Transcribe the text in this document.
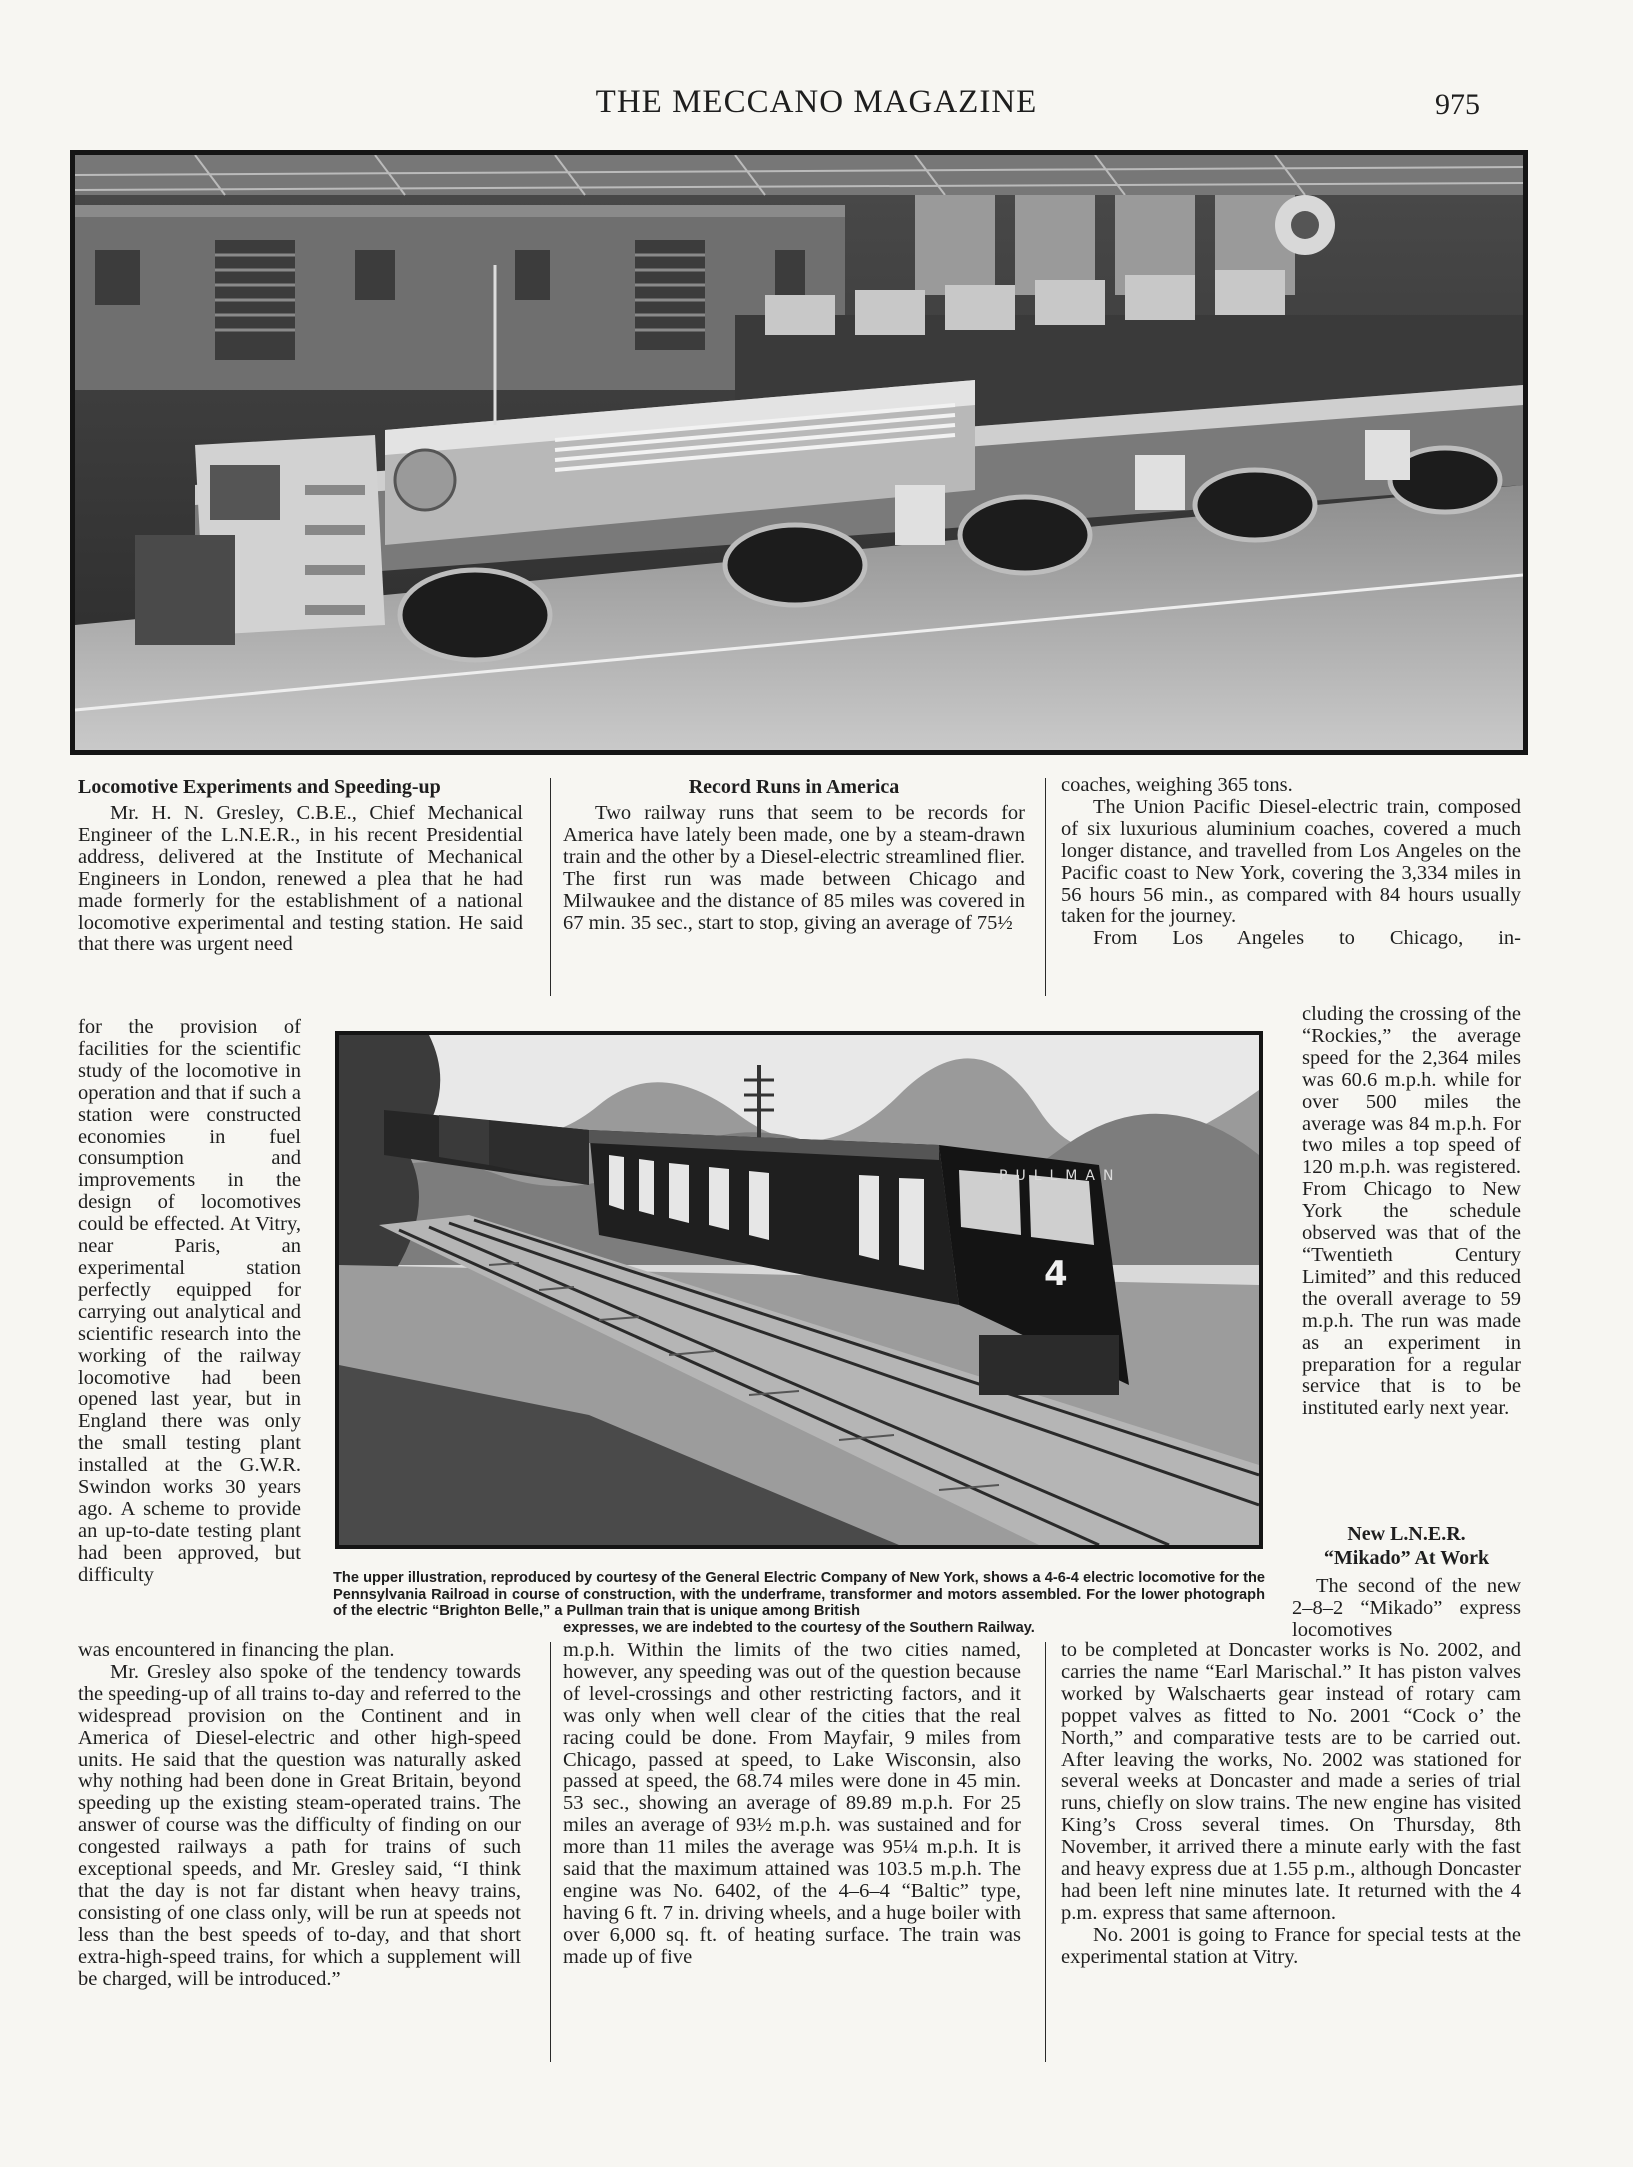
THE MECCANO MAGAZINE	975
Locomotive Experiments and Speeding-up

Mr. H. N. Gresley, C.B.E., Chief Mechanical Engineer of the L.N.E.R., in his recent Presidential address, delivered at the Institute of Mechanical Engineers in London, renewed a plea that he had made formerly for the establishment of a national locomotive experimental and testing station. He said that there was urgent need

for the provision of facilities for the scientific study of the locomotive in operation and that if such a station were constructed economies in fuel consumption and improvements in the design of locomotives could be effected. At Vitry, near Paris, an experimental station perfectly equipped for carrying out analytical and scientific research into the working of the railway locomotive had been opened last year, but in England there was only the small testing plant installed at the G.W.R. Swindon works 30 years ago. A scheme to provide an up-to-date testing plant had been approved, but difficulty

was encountered in financing the plan.

Mr. Gresley also spoke of the tendency towards the speeding-up of all trains to-day and referred to the widespread provision on the Continent and in America of Diesel-electric and other high-speed units. He said that the question was naturally asked why nothing had been done in Great Britain, beyond speeding up the existing steam-operated trains. The answer of course was the difficulty of finding on our congested railways a path for trains of such exceptional speeds, and Mr. Gresley said, “I think that the day is not far distant when heavy trains, consisting of one class only, will be run at speeds not less than the best speeds of to-day, and that short extra-high-speed trains, for which a supplement will be charged, will be introduced.”

Record Runs in America

Two railway runs that seem to be records for America have lately been made, one by a steam-drawn train and the other by a Diesel-electric streamlined flier. The first run was made between Chicago and Milwaukee and the distance of 85 miles was covered in 67 min. 35 sec., start to stop, giving an average of 75½

m.p.h. Within the limits of the two cities named, however, any speeding was out of the question because of level-crossings and other restricting factors, and it was only when well clear of the cities that the real racing could be done. From Mayfair, 9 miles from Chicago, passed at speed, to Lake Wisconsin, also passed at speed, the 68.74 miles were done in 45 min. 53 sec., showing an average of 89.89 m.p.h. For 25 miles an average of 93½ m.p.h. was sustained and for more than 11 miles the average was 95¼ m.p.h. It is said that the maximum attained was 103.5 m.p.h. The engine was No. 6402, of the 4–6–4 “Baltic” type, having 6 ft. 7 in. driving wheels, and a huge boiler with over 6,000 sq. ft. of heating surface. The train was made up of five

coaches, weighing 365 tons.

The Union Pacific Diesel-electric train, composed of six luxurious aluminium coaches, covered a much longer distance, and travelled from Los Angeles on the Pacific coast to New York, covering the 3,334 miles in 56 hours 56 min., as compared with 84 hours usually taken for the journey.

From Los Angeles to Chicago, in-

cluding the crossing of the “Rockies,” the average speed for the 2,364 miles was 60.6 m.p.h. while for over 500 miles the average was 84 m.p.h. For two miles a top speed of 120 m.p.h. was registered. From Chicago to New York the schedule observed was that of the “Twentieth Century Limited” and this reduced the overall average to 59 m.p.h. The run was made as an experiment in preparation for a regular service that is to be instituted early next year.

New L.N.E.R.
“Mikado” At Work

The second of the new 2–8–2 “Mikado” express locomotives

to be completed at Doncaster works is No. 2002, and carries the name “Earl Marischal.” It has piston valves worked by Walschaerts gear instead of rotary cam poppet valves as fitted to No. 2001 “Cock o’ the North,” and comparative tests are to be carried out. After leaving the works, No. 2002 was stationed for several weeks at Doncaster and made a series of trial runs, chiefly on slow trains. The new engine has visited King’s Cross several times. On Thursday, 8th November, it arrived there a minute early with the fast and heavy express due at 1.55 p.m., although Doncaster had been left nine minutes late. It returned with the 4 p.m. express that same afternoon.

No. 2001 is going to France for special tests at the experimental station at Vitry.

PULLMAN
4
The upper illustration, reproduced by courtesy of the General Electric Company of New York, shows a 4-6-4 electric locomotive for the Pennsylvania Railroad in course of construction, with the underframe, transformer and motors assembled. For the lower photograph of the electric “Brighton Belle,” a Pullman train that is unique among British
expresses, we are indebted to the courtesy of the Southern Railway.
